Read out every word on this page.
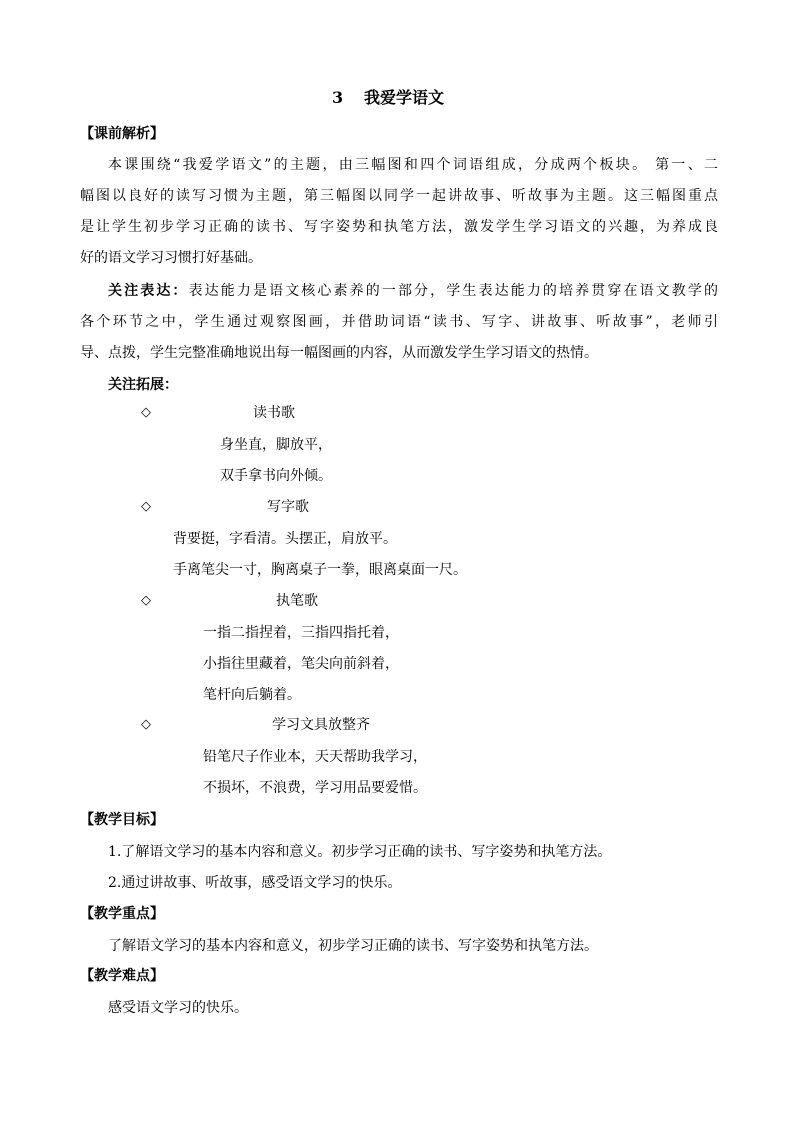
3 我爱学语文
【课前解析】
本课围绕“我爱学语文”的主题，由三幅图和四个词语组成，分成两个板块。 第一、二
幅图以良好的读写习惯为主题，第三幅图以同学一起讲故事、听故事为主题。这三幅图重点
是让学生初步学习正确的读书、写字姿势和执笔方法，激发学生学习语文的兴趣，为养成良
好的语文学习习惯打好基础。
关注表达：表达能力是语文核心素养的一部分，学生表达能力的培养贯穿在语文教学的
各个环节之中，学生通过观察图画，并借助词语“读书、写字、讲故事、听故事”，老师引
导、点拨，学生完整准确地说出每一幅图画的内容，从而激发学生学习语文的热情。
关注拓展：
◇	读书歌
身坐直，脚放平，
双手拿书向外倾。
◇	写字歌
背要挺，字看清。头摆正，肩放平。
手离笔尖一寸，胸离桌子一拳，眼离桌面一尺。
◇	执笔歌
一指二指捏着，三指四指托着，
小指往里藏着，笔尖向前斜着，
笔杆向后躺着。
◇	学习文具放整齐
铅笔尺子作业本，天天帮助我学习，
不损坏，不浪费，学习用品要爱惜。
【教学目标】
1.了解语文学习的基本内容和意义。初步学习正确的读书、写字姿势和执笔方法。
2.通过讲故事、听故事，感受语文学习的快乐。
【教学重点】
了解语文学习的基本内容和意义，初步学习正确的读书、写字姿势和执笔方法。
【教学难点】
感受语文学习的快乐。
